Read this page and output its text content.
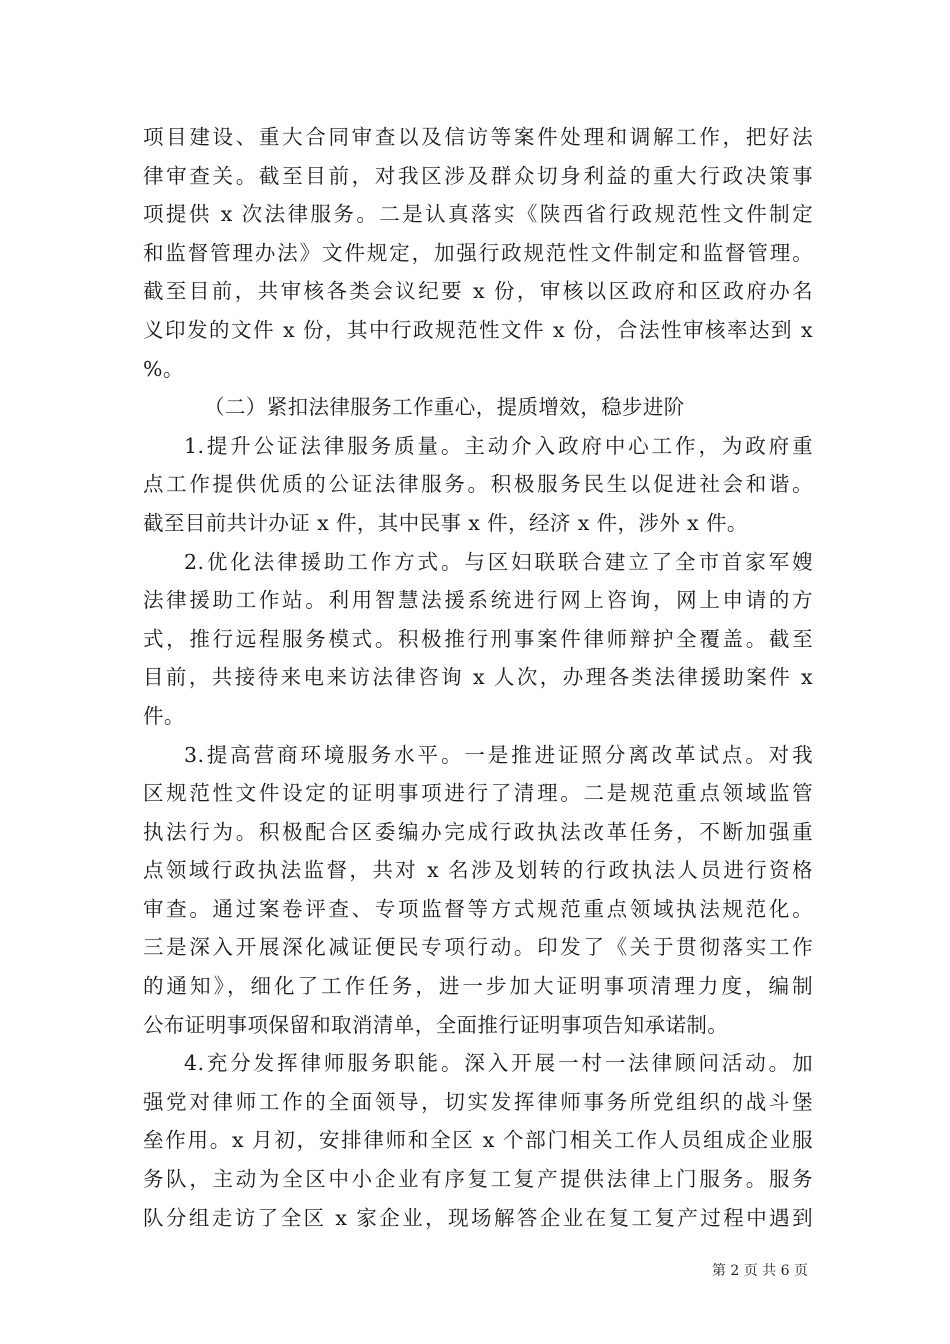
项目建设、重大合同审查以及信访等案件处理和调解工作，把好法
律审查关。截至目前，对我区涉及群众切身利益的重大行政决策事
项提供 x 次法律服务。二是认真落实《陕西省行政规范性文件制定
和监督管理办法》文件规定，加强行政规范性文件制定和监督管理。
截至目前，共审核各类会议纪要 x 份，审核以区政府和区政府办名
义印发的文件 x 份，其中行政规范性文件 x 份，合法性审核率达到 x
%。
（二）紧扣法律服务工作重心，提质增效，稳步进阶
1.提升公证法律服务质量。主动介入政府中心工作，为政府重
点工作提供优质的公证法律服务。积极服务民生以促进社会和谐。
截至目前共计办证 x 件，其中民事 x 件，经济 x 件，涉外 x 件。
2.优化法律援助工作方式。与区妇联联合建立了全市首家军嫂
法律援助工作站。利用智慧法援系统进行网上咨询，网上申请的方
式，推行远程服务模式。积极推行刑事案件律师辩护全覆盖。截至
目前，共接待来电来访法律咨询 x 人次，办理各类法律援助案件 x
件。
3.提高营商环境服务水平。一是推进证照分离改革试点。对我
区规范性文件设定的证明事项进行了清理。二是规范重点领域监管
执法行为。积极配合区委编办完成行政执法改革任务，不断加强重
点领域行政执法监督，共对 x 名涉及划转的行政执法人员进行资格
审查。通过案卷评查、专项监督等方式规范重点领域执法规范化。
三是深入开展深化减证便民专项行动。印发了《关于贯彻落实工作
的通知》，细化了工作任务，进一步加大证明事项清理力度，编制
公布证明事项保留和取消清单，全面推行证明事项告知承诺制。
4.充分发挥律师服务职能。深入开展一村一法律顾问活动。加
强党对律师工作的全面领导，切实发挥律师事务所党组织的战斗堡
垒作用。x 月初，安排律师和全区 x 个部门相关工作人员组成企业服
务队，主动为全区中小企业有序复工复产提供法律上门服务。服务
队分组走访了全区 x 家企业，现场解答企业在复工复产过程中遇到
第 2 页 共 6 页
